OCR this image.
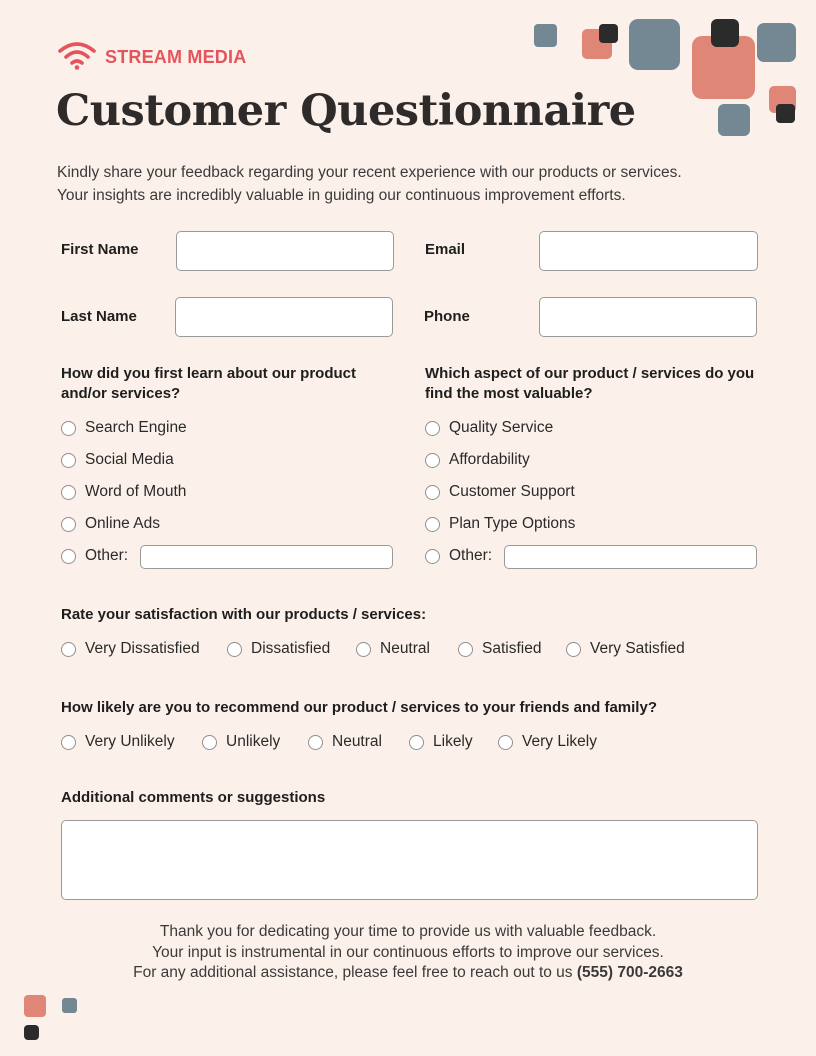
STREAM MEDIA
Customer Questionnaire
Kindly share your feedback regarding your recent experience with our products or services.
Your insights are incredibly valuable in guiding our continuous improvement efforts.
First Name	Email
Last Name	Phone
How did you first learn about our product and/or services?
Search Engine
Social Media
Word of Mouth
Online Ads
Other:
Which aspect of our product / services do you find the most valuable?
Quality Service
Affordability
Customer Support
Plan Type Options
Other:
Rate your satisfaction with our products / services:
Very Dissatisfied	Dissatisfied	Neutral	Satisfied	Very Satisfied
How likely are you to recommend our product / services to your friends and family?
Very Unlikely	Unlikely	Neutral	Likely	Very Likely
Additional comments or suggestions
Thank you for dedicating your time to provide us with valuable feedback.
Your input is instrumental in our continuous efforts to improve our services.
For any additional assistance, please feel free to reach out to us (555) 700-2663
